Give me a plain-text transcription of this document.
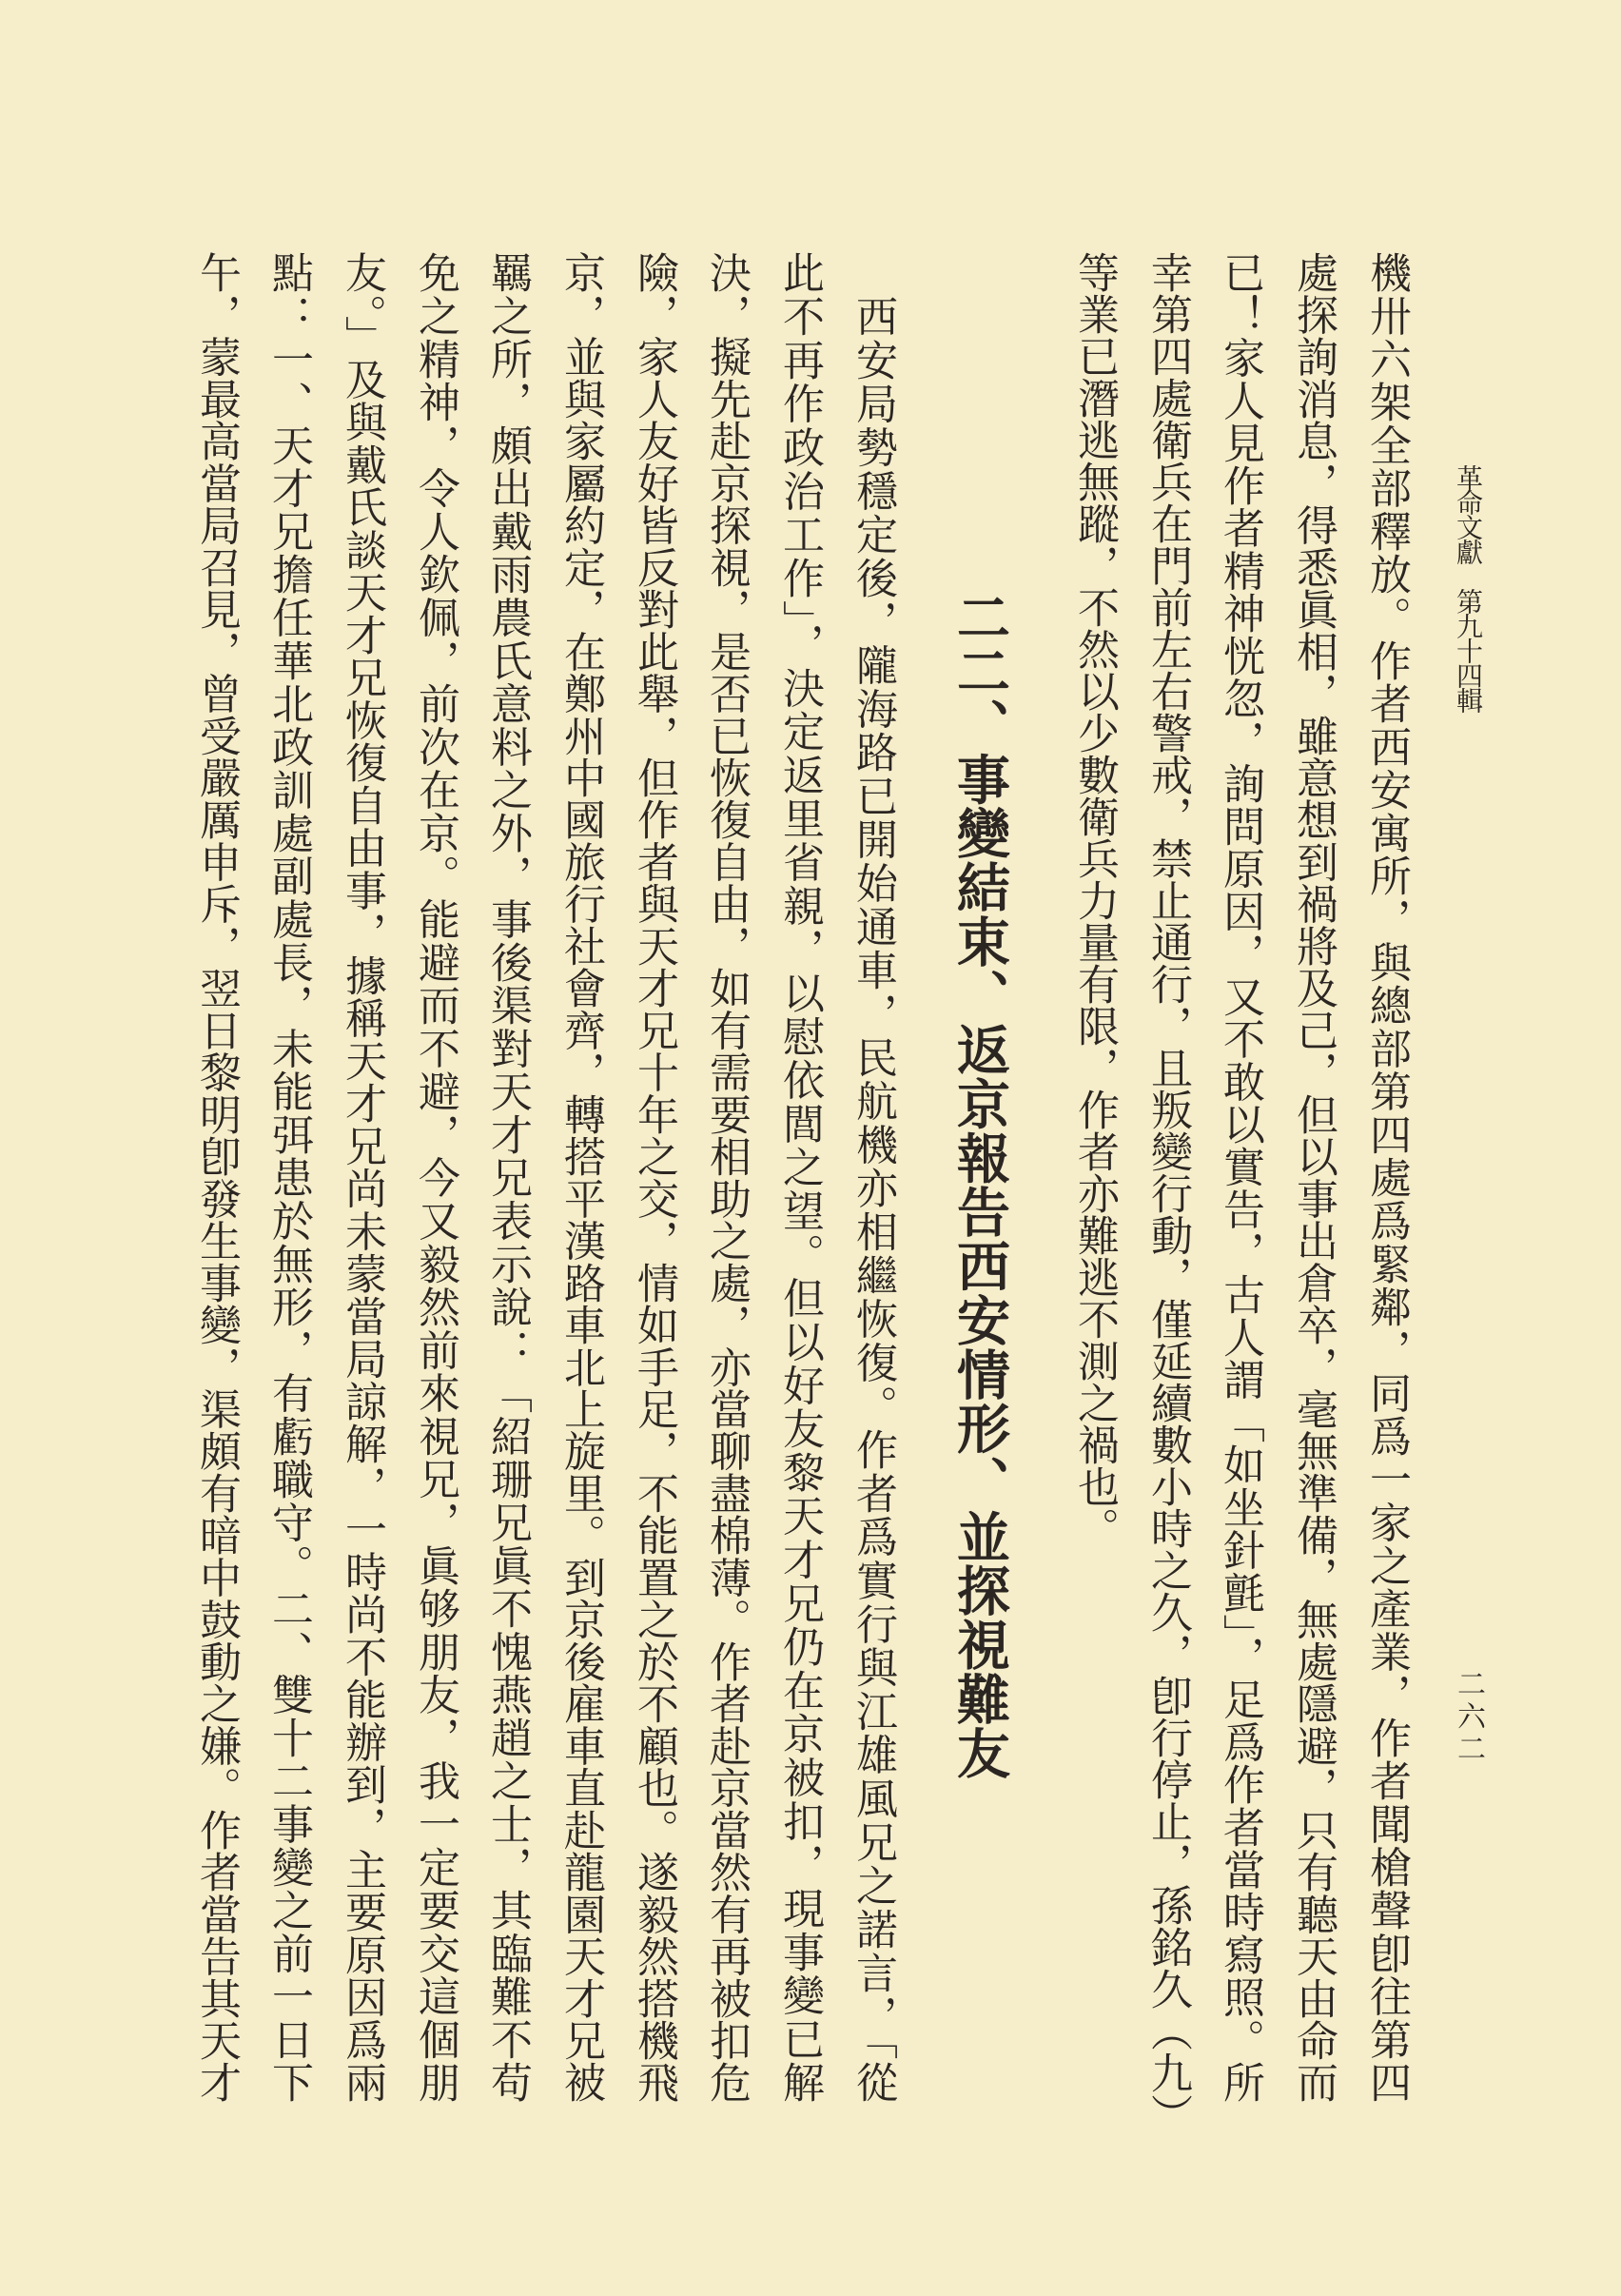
革命文獻　第九十四輯
二六二
機卅六架全部釋放。作者西安寓所，與總部第四處爲緊鄰，同爲一家之產業，作者聞槍聲卽往第四
處探詢消息，得悉眞相，雖意想到禍將及己，但以事出倉卒，毫無準備，無處隱避，只有聽天由命而
已！家人見作者精神恍忽，詢問原因，又不敢以實告，古人謂「如坐針氈」，足爲作者當時寫照。所
幸第四處衛兵在門前左右警戒，禁止通行，且叛變行動，僅延續數小時之久，卽行停止，孫銘久（九）
等業已潛逃無蹤，不然以少數衛兵力量有限，作者亦難逃不測之禍也。
二二、事變結束、返京報告西安情形、並探視難友
　西安局勢穩定後，隴海路已開始通車，民航機亦相繼恢復。作者爲實行與江雄風兄之諾言，「從
此不再作政治工作」，決定返里省親，以慰依閭之望。但以好友黎天才兄仍在京被扣，現事變已解
決，擬先赴京探視，是否已恢復自由，如有需要相助之處，亦當聊盡棉薄。作者赴京當然有再被扣危
險，家人友好皆反對此舉，但作者與天才兄十年之交，情如手足，不能置之於不顧也。遂毅然搭機飛
京，並與家屬約定，在鄭州中國旅行社會齊，轉搭平漢路車北上旋里。到京後雇車直赴龍園天才兄被
羈之所，頗出戴雨農氏意料之外，事後渠對天才兄表示說：「紹珊兄眞不愧燕趙之士，其臨難不苟
免之精神，令人欽佩，前次在京。能避而不避，今又毅然前來視兄，眞够朋友，我一定要交這個朋
友。」及與戴氏談天才兄恢復自由事，據稱天才兄尚未蒙當局諒解，一時尚不能辦到，主要原因爲兩
點：一、天才兄擔任華北政訓處副處長，未能弭患於無形，有虧職守。二、雙十二事變之前一日下
午，蒙最高當局召見，曾受嚴厲申斥，翌日黎明卽發生事變，渠頗有暗中鼓動之嫌。作者當告其天才
